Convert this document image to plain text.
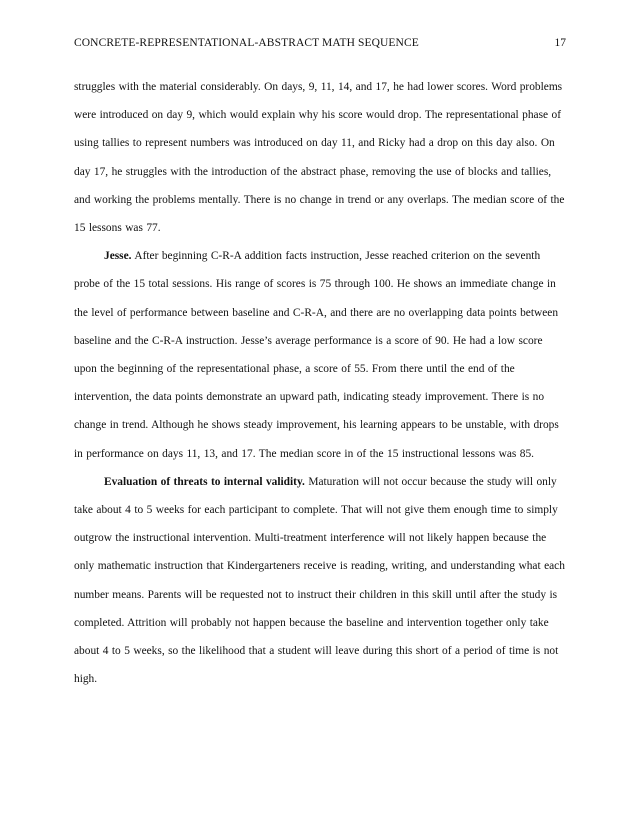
CONCRETE-REPRESENTATIONAL-ABSTRACT MATH SEQUENCE	17

struggles with the material considerably. On days, 9, 11, 14, and 17, he had lower scores. Word problems were introduced on day 9, which would explain why his score would drop. The representational phase of using tallies to represent numbers was introduced on day 11, and Ricky had a drop on this day also. On day 17, he struggles with the introduction of the abstract phase, removing the use of blocks and tallies, and working the problems mentally. There is no change in trend or any overlaps. The median score of the 15 lessons was 77.

Jesse. After beginning C-R-A addition facts instruction, Jesse reached criterion on the seventh probe of the 15 total sessions. His range of scores is 75 through 100. He shows an immediate change in the level of performance between baseline and C-R-A, and there are no overlapping data points between baseline and the C-R-A instruction. Jesse’s average performance is a score of 90. He had a low score upon the beginning of the representational phase, a score of 55. From there until the end of the intervention, the data points demonstrate an upward path, indicating steady improvement. There is no change in trend. Although he shows steady improvement, his learning appears to be unstable, with drops in performance on days 11, 13, and 17. The median score in of the 15 instructional lessons was 85.

Evaluation of threats to internal validity. Maturation will not occur because the study will only take about 4 to 5 weeks for each participant to complete. That will not give them enough time to simply outgrow the instructional intervention. Multi-treatment interference will not likely happen because the only mathematic instruction that Kindergarteners receive is reading, writing, and understanding what each number means. Parents will be requested not to instruct their children in this skill until after the study is completed. Attrition will probably not happen because the baseline and intervention together only take about 4 to 5 weeks, so the likelihood that a student will leave during this short of a period of time is not high.
